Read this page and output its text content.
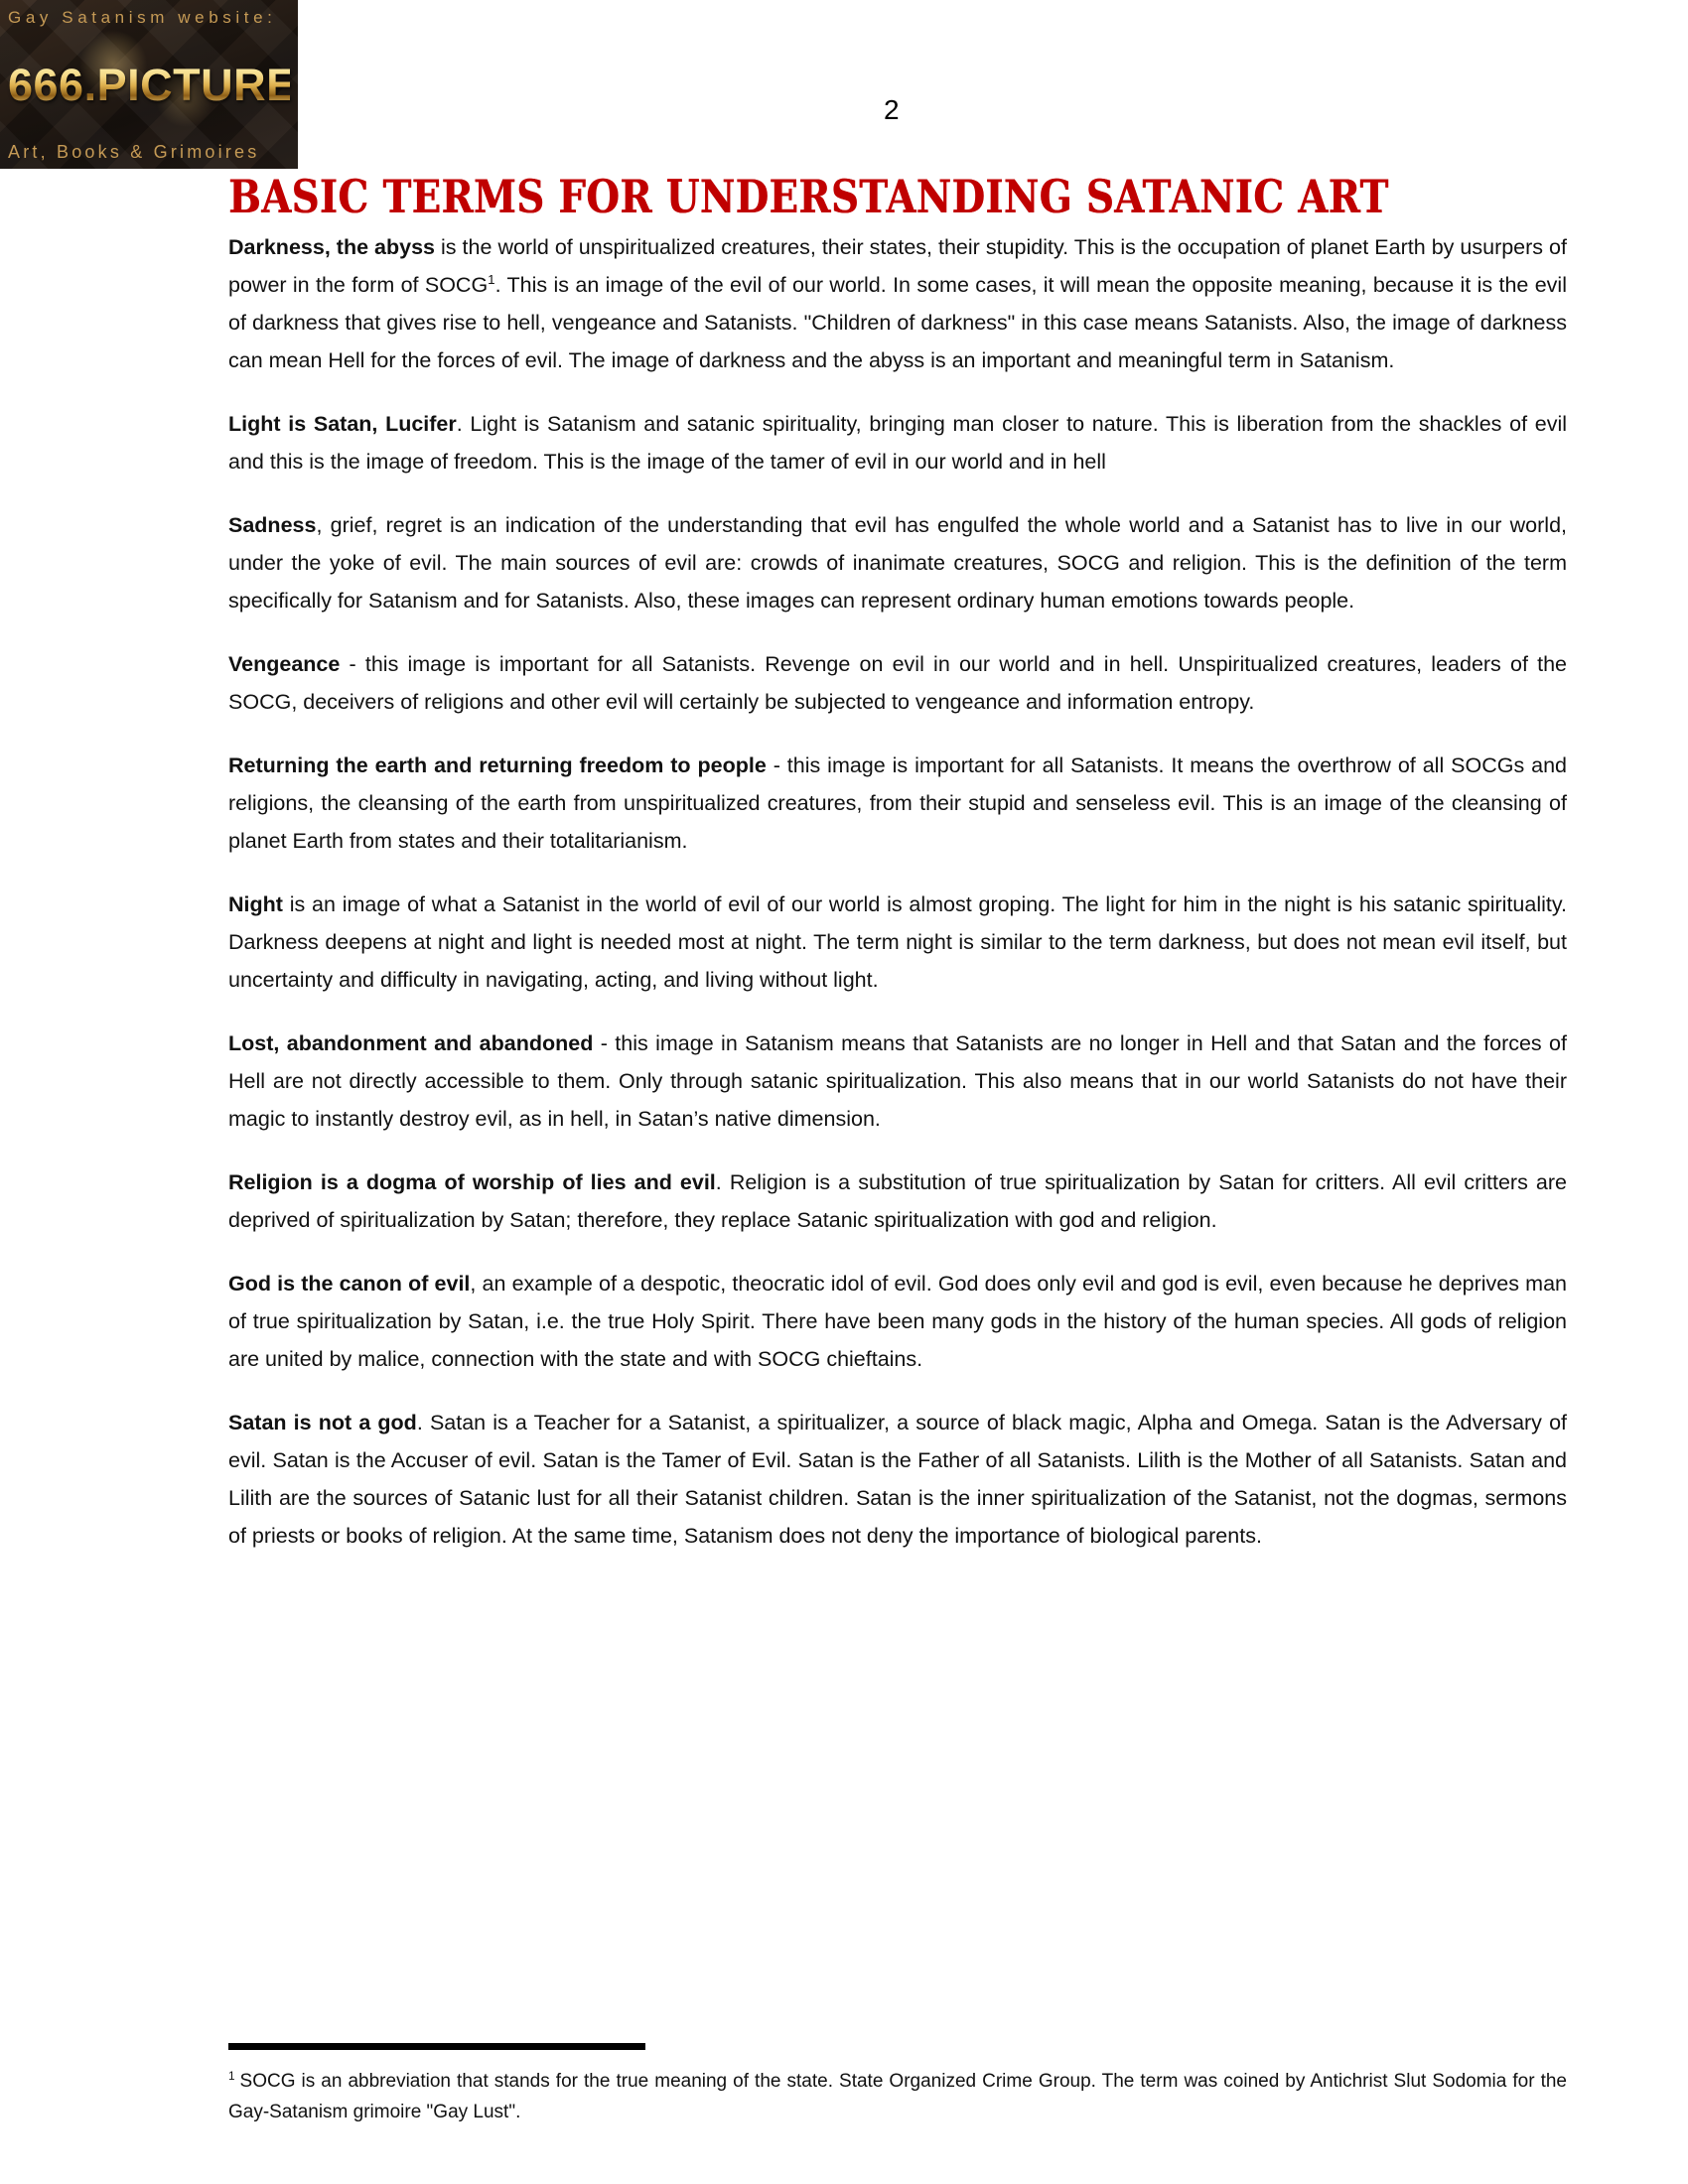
Gay Satanism website:
666.PICTURES
Art, Books & Grimoires
2
BASIC TERMS FOR UNDERSTANDING SATANIC ART

Darkness, the abyss is the world of unspiritualized creatures, their states, their stupidity. This is the occupation of planet Earth by usurpers of power in the form of SOCG$^1$. This is an image of the evil of our world. In some cases, it will mean the opposite meaning, because it is the evil of darkness that gives rise to hell, vengeance and Satanists. "Children of darkness" in this case means Satanists. Also, the image of darkness can mean Hell for the forces of evil. The image of darkness and the abyss is an important and meaningful term in Satanism.

Light is Satan, Lucifer. Light is Satanism and satanic spirituality, bringing man closer to nature. This is liberation from the shackles of evil and this is the image of freedom. This is the image of the tamer of evil in our world and in hell

Sadness, grief, regret is an indication of the understanding that evil has engulfed the whole world and a Satanist has to live in our world, under the yoke of evil. The main sources of evil are: crowds of inanimate creatures, SOCG and religion. This is the definition of the term specifically for Satanism and for Satanists. Also, these images can represent ordinary human emotions towards people.

Vengeance - this image is important for all Satanists. Revenge on evil in our world and in hell. Unspiritualized creatures, leaders of the SOCG, deceivers of religions and other evil will certainly be subjected to vengeance and information entropy.

Returning the earth and returning freedom to people - this image is important for all Satanists. It means the overthrow of all SOCGs and religions, the cleansing of the earth from unspiritualized creatures, from their stupid and senseless evil. This is an image of the cleansing of planet Earth from states and their totalitarianism.

Night is an image of what a Satanist in the world of evil of our world is almost groping. The light for him in the night is his satanic spirituality. Darkness deepens at night and light is needed most at night. The term night is similar to the term darkness, but does not mean evil itself, but uncertainty and difficulty in navigating, acting, and living without light.

Lost, abandonment and abandoned - this image in Satanism means that Satanists are no longer in Hell and that Satan and the forces of Hell are not directly accessible to them. Only through satanic spiritualization. This also means that in our world Satanists do not have their magic to instantly destroy evil, as in hell, in Satan’s native dimension.

Religion is a dogma of worship of lies and evil. Religion is a substitution of true spiritualization by Satan for critters. All evil critters are deprived of spiritualization by Satan; therefore, they replace Satanic spiritualization with god and religion.

God is the canon of evil, an example of a despotic, theocratic idol of evil. God does only evil and god is evil, even because he deprives man of true spiritualization by Satan, i.e. the true Holy Spirit. There have been many gods in the history of the human species. All gods of religion are united by malice, connection with the state and with SOCG chieftains.

Satan is not a god. Satan is a Teacher for a Satanist, a spiritualizer, a source of black magic, Alpha and Omega. Satan is the Adversary of evil. Satan is the Accuser of evil. Satan is the Tamer of Evil. Satan is the Father of all Satanists. Lilith is the Mother of all Satanists. Satan and Lilith are the sources of Satanic lust for all their Satanist children. Satan is the inner spiritualization of the Satanist, not the dogmas, sermons of priests or books of religion. At the same time, Satanism does not deny the importance of biological parents.

$^1$ SOCG is an abbreviation that stands for the true meaning of the state. State Organized Crime Group. The term was coined by Antichrist Slut Sodomia for the Gay-Satanism grimoire "Gay Lust".
